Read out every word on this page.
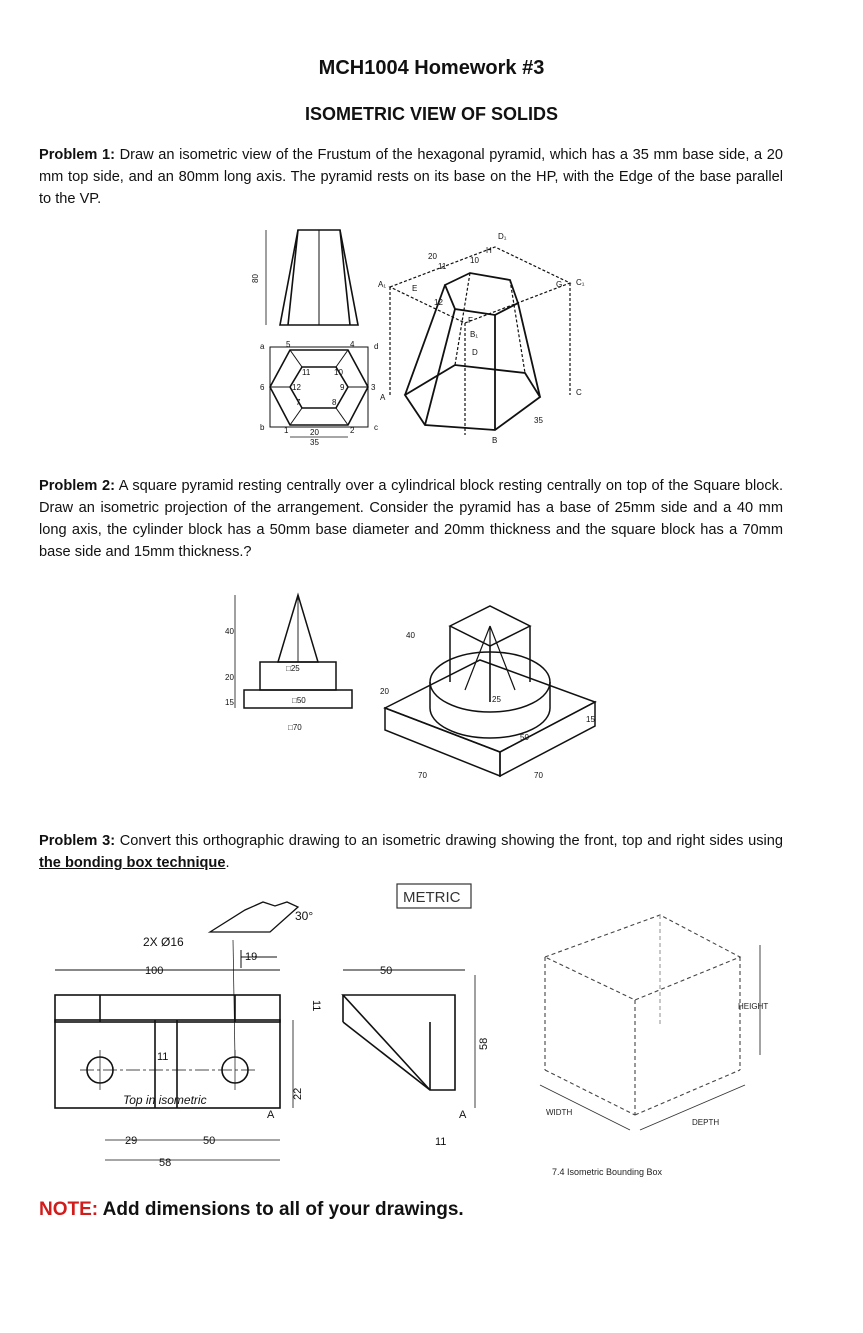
MCH1004 Homework #3
ISOMETRIC VIEW OF SOLIDS
Problem 1: Draw an isometric view of the Frustum of the hexagonal pyramid, which has a 35 mm base side, a 20 mm top side, and an 80mm long axis. The pyramid rests on its base on the HP, with the Edge of the base parallel to the VP.
80
a
b	c
d
20
35
1	2
3
4
5
6
7	8
9
10
11
12
A₁
A
B
C₁
C
D₁
D
E
F
G
H
B₁
20
35
10
11
12
Problem 2: A square pyramid resting centrally over a cylindrical block resting centrally on top of the Square block. Draw an isometric projection of the arrangement. Consider the pyramid has a base of 25mm side and a 40 mm long axis, the cylinder block has a 50mm base diameter and 20mm thickness and the square block has a 70mm base side and 15mm thickness.?
40
20
15
□25
□50
□70
40
20
25
50
70	70
15
Problem 3: Convert this orthographic drawing to an isometric drawing showing the front, top and right sides using the bonding box technique.
METRIC
30°
2X Ø16
19
100	50
11
11
11
22
58
29	50
58
A	A
Top in isometric
HEIGHT
WIDTH
DEPTH
7.4 Isometric Bounding Box
NOTE: Add dimensions to all of your drawings.
